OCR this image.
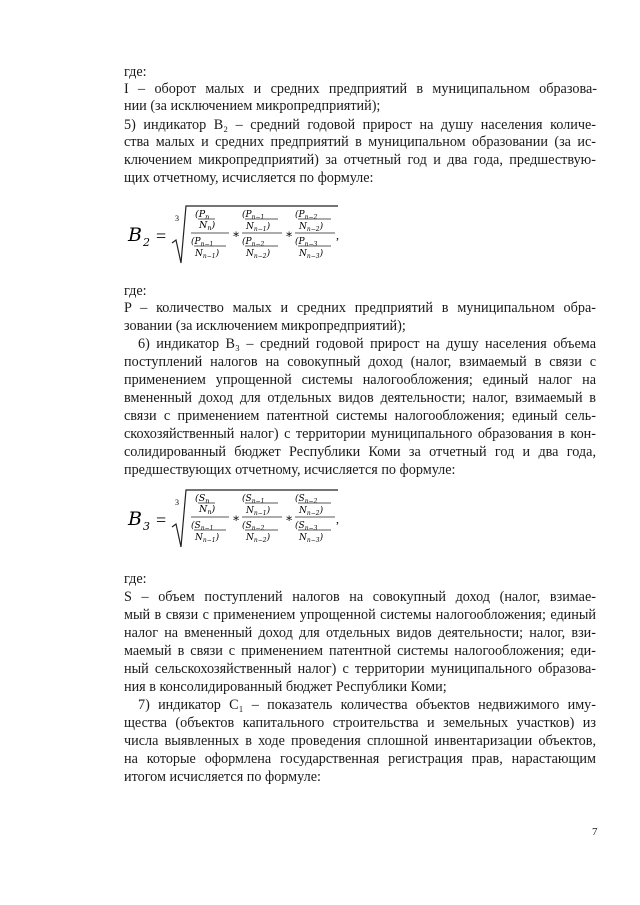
где:
I – оборот малых и средних предприятий в муниципальном образова-
нии (за исключением микропредприятий);
5) индикатор B₂ – средний годовой прирост на душу населения количе-
ства малых и средних предприятий в муниципальном образовании (за ис-
ключением микропредприятий) за отчетный год и два года, предшествую-
щих отчетному, исчисляется по формуле:
B 2 =
3 ($P_n$
$N_n$)
($P_{n-1}$
$N_{n-1}$)
∗
($P_{n-1}$
$N_{n-1}$)
($P_{n-2}$
$N_{n-2}$)
∗
($P_{n-2}$
$N_{n-2}$)
($P_{n-3}$
$N_{n-3}$)
,
где:
P – количество малых и средних предприятий в муниципальном обра-
зовании (за исключением микропредприятий);
6) индикатор B₃ – средний годовой прирост на душу населения объема
поступлений налогов на совокупный доход (налог, взимаемый в связи с
применением упрощенной системы налогообложения; единый налог на
вмененный доход для отдельных видов деятельности; налог, взимаемый в
связи с применением патентной системы налогообложения; единый сель-
скохозяйственный налог) с территории муниципального образования в кон-
солидированный бюджет Республики Коми за отчетный год и два года,
предшествующих отчетному, исчисляется по формуле:
B 3 =
3 ($S_n$
$N_n$)
($S_{n-1}$
$N_{n-1}$)
∗
($S_{n-1}$
$N_{n-1}$)
($S_{n-2}$
$N_{n-2}$)
∗
($S_{n-2}$
$N_{n-2}$)
($S_{n-3}$
$N_{n-3}$)
,
где:
S – объем поступлений налогов на совокупный доход (налог, взимае-
мый в связи с применением упрощенной системы налогообложения; единый
налог на вмененный доход для отдельных видов деятельности; налог, взи-
маемый в связи с применением патентной системы налогообложения; еди-
ный сельскохозяйственный налог) с территории муниципального образова-
ния в консолидированный бюджет Республики Коми;
7) индикатор C₁ – показатель количества объектов недвижимого иму-
щества (объектов капитального строительства и земельных участков) из
числа выявленных в ходе проведения сплошной инвентаризации объектов,
на которые оформлена государственная регистрация прав, нарастающим
итогом исчисляется по формуле:
7
